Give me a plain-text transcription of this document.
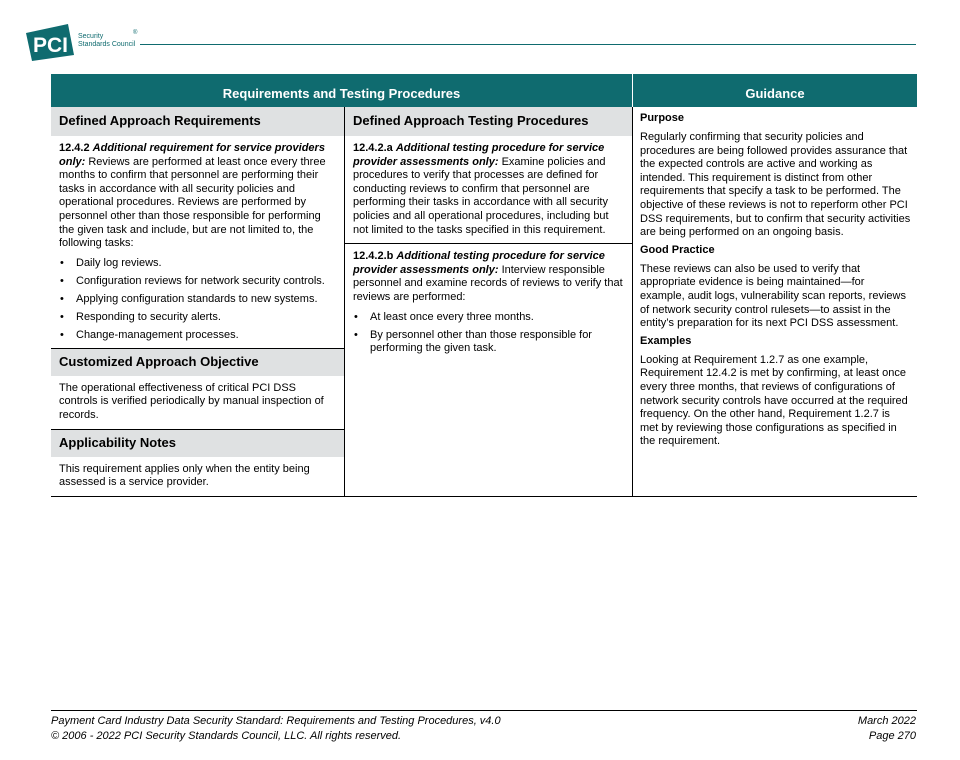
PCI Security
Standards Council
®
Requirements and Testing Procedures	Guidance
Defined Approach Requirements
12.4.2 Additional requirement for service providers only: Reviews are performed at least once every three months to confirm that personnel are performing their tasks in accordance with all security policies and operational procedures. Reviews are performed by personnel other than those responsible for performing the given task and include, but are not limited to, the following tasks:
• Daily log reviews.
• Configuration reviews for network security controls.
• Applying configuration standards to new systems.
• Responding to security alerts.
• Change-management processes.
Customized Approach Objective
The operational effectiveness of critical PCI DSS controls is verified periodically by manual inspection of records.
Applicability Notes
This requirement applies only when the entity being assessed is a service provider.
Defined Approach Testing Procedures
12.4.2.a Additional testing procedure for service provider assessments only: Examine policies and procedures to verify that processes are defined for conducting reviews to confirm that personnel are performing their tasks in accordance with all security policies and all operational procedures, including but not limited to the tasks specified in this requirement.
12.4.2.b Additional testing procedure for service provider assessments only: Interview responsible personnel and examine records of reviews to verify that reviews are performed:
• At least once every three months.
• By personnel other than those responsible for performing the given task.
Purpose
Regularly confirming that security policies and procedures are being followed provides assurance that the expected controls are active and working as intended. This requirement is distinct from other requirements that specify a task to be performed. The objective of these reviews is not to reperform other PCI DSS requirements, but to confirm that security activities are being performed on an ongoing basis.
Good Practice
These reviews can also be used to verify that appropriate evidence is being maintained—for example, audit logs, vulnerability scan reports, reviews of network security control rulesets—to assist in the entity’s preparation for its next PCI DSS assessment.
Examples
Looking at Requirement 1.2.7 as one example, Requirement 12.4.2 is met by confirming, at least once every three months, that reviews of configurations of network security controls have occurred at the required frequency. On the other hand, Requirement 1.2.7 is met by reviewing those configurations as specified in the requirement.
Payment Card Industry Data Security Standard: Requirements and Testing Procedures, v4.0
© 2006 - 2022 PCI Security Standards Council, LLC. All rights reserved.
March 2022
Page 270
